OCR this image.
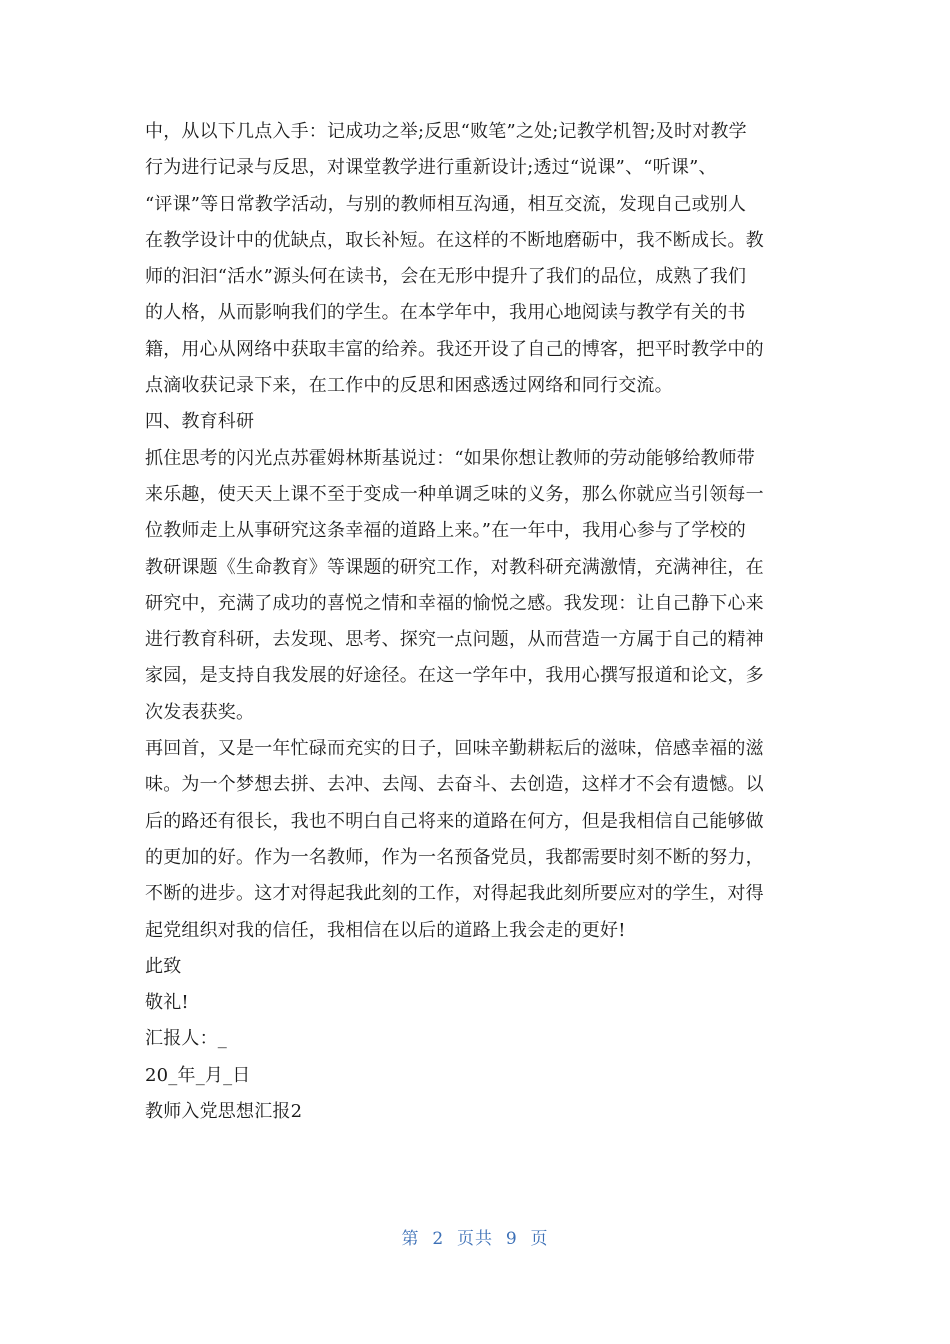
中，从以下几点入手：记成功之举;反思“败笔”之处;记教学机智;及时对教学
行为进行记录与反思，对课堂教学进行重新设计;透过“说课”、“听课”、
“评课”等日常教学活动，与别的教师相互沟通，相互交流，发现自己或别人
在教学设计中的优缺点，取长补短。在这样的不断地磨砺中，我不断成长。教
师的汩汩“活水”源头何在读书，会在无形中提升了我们的品位，成熟了我们
的人格，从而影响我们的学生。在本学年中，我用心地阅读与教学有关的书
籍，用心从网络中获取丰富的给养。我还开设了自己的博客，把平时教学中的
点滴收获记录下来，在工作中的反思和困惑透过网络和同行交流。
四、教育科研
抓住思考的闪光点苏霍姆林斯基说过：“如果你想让教师的劳动能够给教师带
来乐趣，使天天上课不至于变成一种单调乏味的义务，那么你就应当引领每一
位教师走上从事研究这条幸福的道路上来。”在一年中，我用心参与了学校的
教研课题《生命教育》等课题的研究工作，对教科研充满激情，充满神往，在
研究中，充满了成功的喜悦之情和幸福的愉悦之感。我发现：让自己静下心来
进行教育科研，去发现、思考、探究一点问题，从而营造一方属于自己的精神
家园，是支持自我发展的好途径。在这一学年中，我用心撰写报道和论文，多
次发表获奖。
再回首，又是一年忙碌而充实的日子，回味辛勤耕耘后的滋味，倍感幸福的滋
味。为一个梦想去拼、去冲、去闯、去奋斗、去创造，这样才不会有遗憾。以
后的路还有很长，我也不明白自己将来的道路在何方，但是我相信自己能够做
的更加的好。作为一名教师，作为一名预备党员，我都需要时刻不断的努力，
不断的进步。这才对得起我此刻的工作，对得起我此刻所要应对的学生，对得
起党组织对我的信任，我相信在以后的道路上我会走的更好!
此致
敬礼!
汇报人：_
20_年_月_日
教师入党思想汇报2
第 2 页共 9 页
